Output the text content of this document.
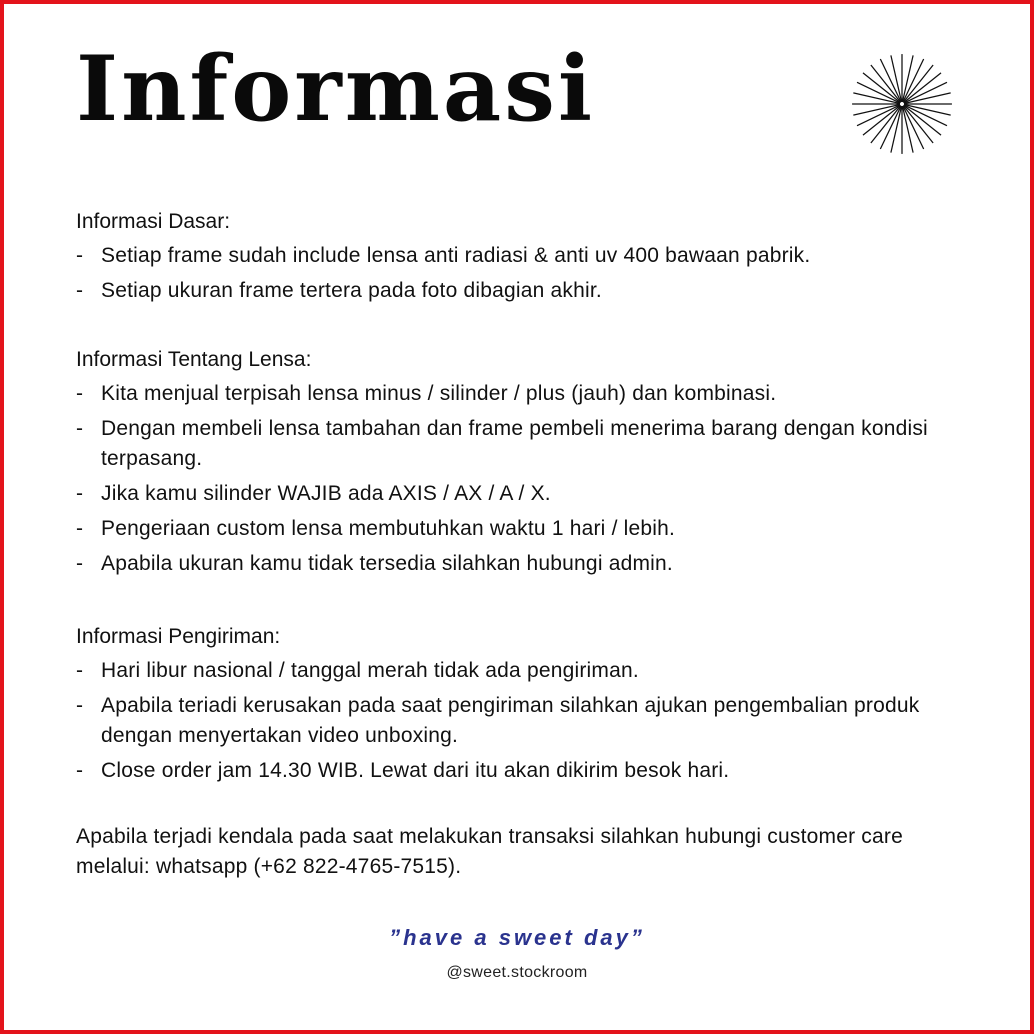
Informasi

Informasi Dasar:

- Setiap frame sudah include lensa anti radiasi & anti uv 400 bawaan pabrik.
- Setiap ukuran frame tertera pada foto dibagian akhir.

Informasi Tentang Lensa:

- Kita menjual terpisah lensa minus / silinder / plus (jauh) dan kombinasi.
- Dengan membeli lensa tambahan dan frame pembeli menerima barang dengan kondisi terpasang.
- Jika kamu silinder WAJIB ada AXIS / AX / A / X.
- Pengeriaan custom lensa membutuhkan waktu 1 hari / lebih.
- Apabila ukuran kamu tidak tersedia silahkan hubungi admin.

Informasi Pengiriman:

- Hari libur nasional / tanggal merah tidak ada pengiriman.
- Apabila teriadi kerusakan pada saat pengiriman silahkan ajukan pengembalian produk dengan menyertakan video unboxing.
- Close order jam 14.30 WIB. Lewat dari itu akan dikirim besok hari.

Apabila terjadi kendala pada saat melakukan transaksi silahkan hubungi customer care melalui: whatsapp (+62 822-4765-7515).

”have a sweet day”
@sweet.stockroom
